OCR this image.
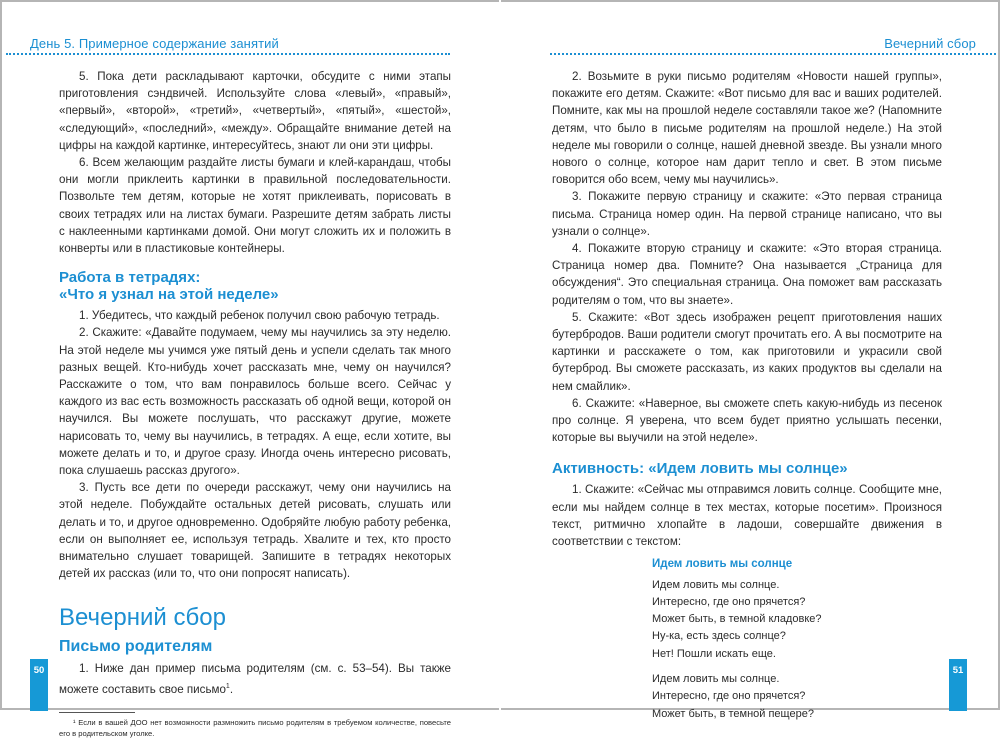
День 5. Примерное содержание занятий

5. Пока дети раскладывают карточки, обсудите с ними этапы приготовления сэндвичей. Используйте слова «левый», «правый», «первый», «второй», «третий», «четвертый», «пятый», «шестой», «следующий», «последний», «между». Обращайте внимание детей на цифры на каждой картинке, интересуйтесь, знают ли они эти цифры.

6. Всем желающим раздайте листы бумаги и клей-карандаш, чтобы они могли приклеить картинки в правильной последовательности. Позвольте тем детям, которые не хотят приклеивать, порисовать в своих тетрадях или на листах бумаги. Разрешите детям забрать листы с наклеенными картинками домой. Они могут сложить их и положить в конверты или в пластиковые контейнеры.

Работа в тетрадях:
«Что я узнал на этой неделе»

1. Убедитесь, что каждый ребенок получил свою рабочую тетрадь.

2. Скажите: «Давайте подумаем, чему мы научились за эту неделю. На этой неделе мы учимся уже пятый день и успели сделать так много разных вещей. Кто-нибудь хочет рассказать мне, чему он научился? Расскажите о том, что вам понравилось больше всего. Сейчас у каждого из вас есть возможность рассказать об одной вещи, которой он научился. Вы можете послушать, что расскажут другие, можете нарисовать то, чему вы научились, в тетрадях. А еще, если хотите, вы можете делать и то, и другое сразу. Иногда очень интересно рисовать, пока слушаешь рассказ другого».

3. Пусть все дети по очереди расскажут, чему они научились на этой неделе. Побуждайте остальных детей рисовать, слушать или делать и то, и другое одновременно. Одобряйте любую работу ребенка, если он выполняет ее, используя тетрадь. Хвалите и тех, кто просто внимательно слушает товарищей. Запишите в тетрадях некоторых детей их рассказ (или то, что они попросят написать).

Вечерний сбор
Письмо родителям

1. Ниже дан пример письма родителям (см. с. 53–54). Вы также можете составить свое письмо$^1$.

¹ Если в вашей ДОО нет возможности размножить письмо родителям в требуемом количестве, повесьте его в родительском уголке.

50
Вечерний сбор

2. Возьмите в руки письмо родителям «Новости нашей группы», покажите его детям. Скажите: «Вот письмо для вас и ваших родителей. Помните, как мы на прошлой неделе составляли такое же? (Напомните детям, что было в письме родителям на прошлой неделе.) На этой неделе мы говорили о солнце, нашей дневной звезде. Вы узнали много нового о солнце, которое нам дарит тепло и свет. В этом письме говорится обо всем, чему мы научились».

3. Покажите первую страницу и скажите: «Это первая страница письма. Страница номер один. На первой странице написано, что вы узнали о солнце».

4. Покажите вторую страницу и скажите: «Это вторая страница. Страница номер два. Помните? Она называется „Страница для обсуждения“. Это специальная страница. Она поможет вам рассказать родителям о том, что вы знаете».

5. Скажите: «Вот здесь изображен рецепт приготовления наших бутербродов. Ваши родители смогут прочитать его. А вы посмотрите на картинки и расскажете о том, как приготовили и украсили свой бутерброд. Вы сможете рассказать, из каких продуктов вы сделали на нем смайлик».

6. Скажите: «Наверное, вы сможете спеть какую-нибудь из песенок про солнце. Я уверена, что всем будет приятно услышать песенки, которые вы выучили на этой неделе».

Активность: «Идем ловить мы солнце»

1. Скажите: «Сейчас мы отправимся ловить солнце. Сообщите мне, если мы найдем солнце в тех местах, которые посетим». Произнося текст, ритмично хлопайте в ладоши, совершайте движения в соответствии с текстом:

Идем ловить мы солнце
Идем ловить мы солнце.
Интересно, где оно прячется?
Может быть, в темной кладовке?
Ну-ка, есть здесь солнце?
Нет! Пошли искать еще.
Идем ловить мы солнце.
Интересно, где оно прячется?
Может быть, в темной пещере?
51
